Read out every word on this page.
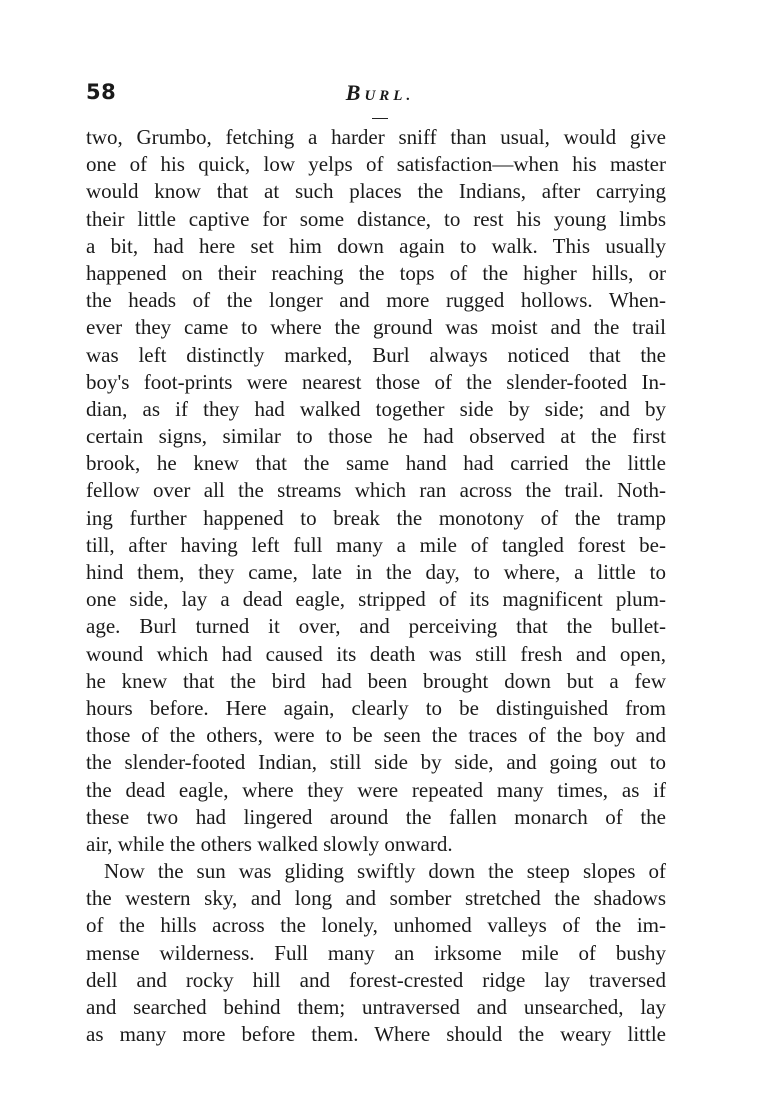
58	BURL.
two, Grumbo, fetching a harder sniff than usual, would give
one of his quick, low yelps of satisfaction—when his master
would know that at such places the Indians, after carrying
their little captive for some distance, to rest his young limbs
a bit, had here set him down again to walk. This usually
happened on their reaching the tops of the higher hills, or
the heads of the longer and more rugged hollows. When-
ever they came to where the ground was moist and the trail
was left distinctly marked, Burl always noticed that the
boy's foot-prints were nearest those of the slender-footed In-
dian, as if they had walked together side by side; and by
certain signs, similar to those he had observed at the first
brook, he knew that the same hand had carried the little
fellow over all the streams which ran across the trail. Noth-
ing further happened to break the monotony of the tramp
till, after having left full many a mile of tangled forest be-
hind them, they came, late in the day, to where, a little to
one side, lay a dead eagle, stripped of its magnificent plum-
age. Burl turned it over, and perceiving that the bullet-
wound which had caused its death was still fresh and open,
he knew that the bird had been brought down but a few
hours before. Here again, clearly to be distinguished from
those of the others, were to be seen the traces of the boy and
the slender-footed Indian, still side by side, and going out to
the dead eagle, where they were repeated many times, as if
these two had lingered around the fallen monarch of the
air, while the others walked slowly onward.
Now the sun was gliding swiftly down the steep slopes of
the western sky, and long and somber stretched the shadows
of the hills across the lonely, unhomed valleys of the im-
mense wilderness. Full many an irksome mile of bushy
dell and rocky hill and forest-crested ridge lay traversed
and searched behind them; untraversed and unsearched, lay
as many more before them. Where should the weary little
